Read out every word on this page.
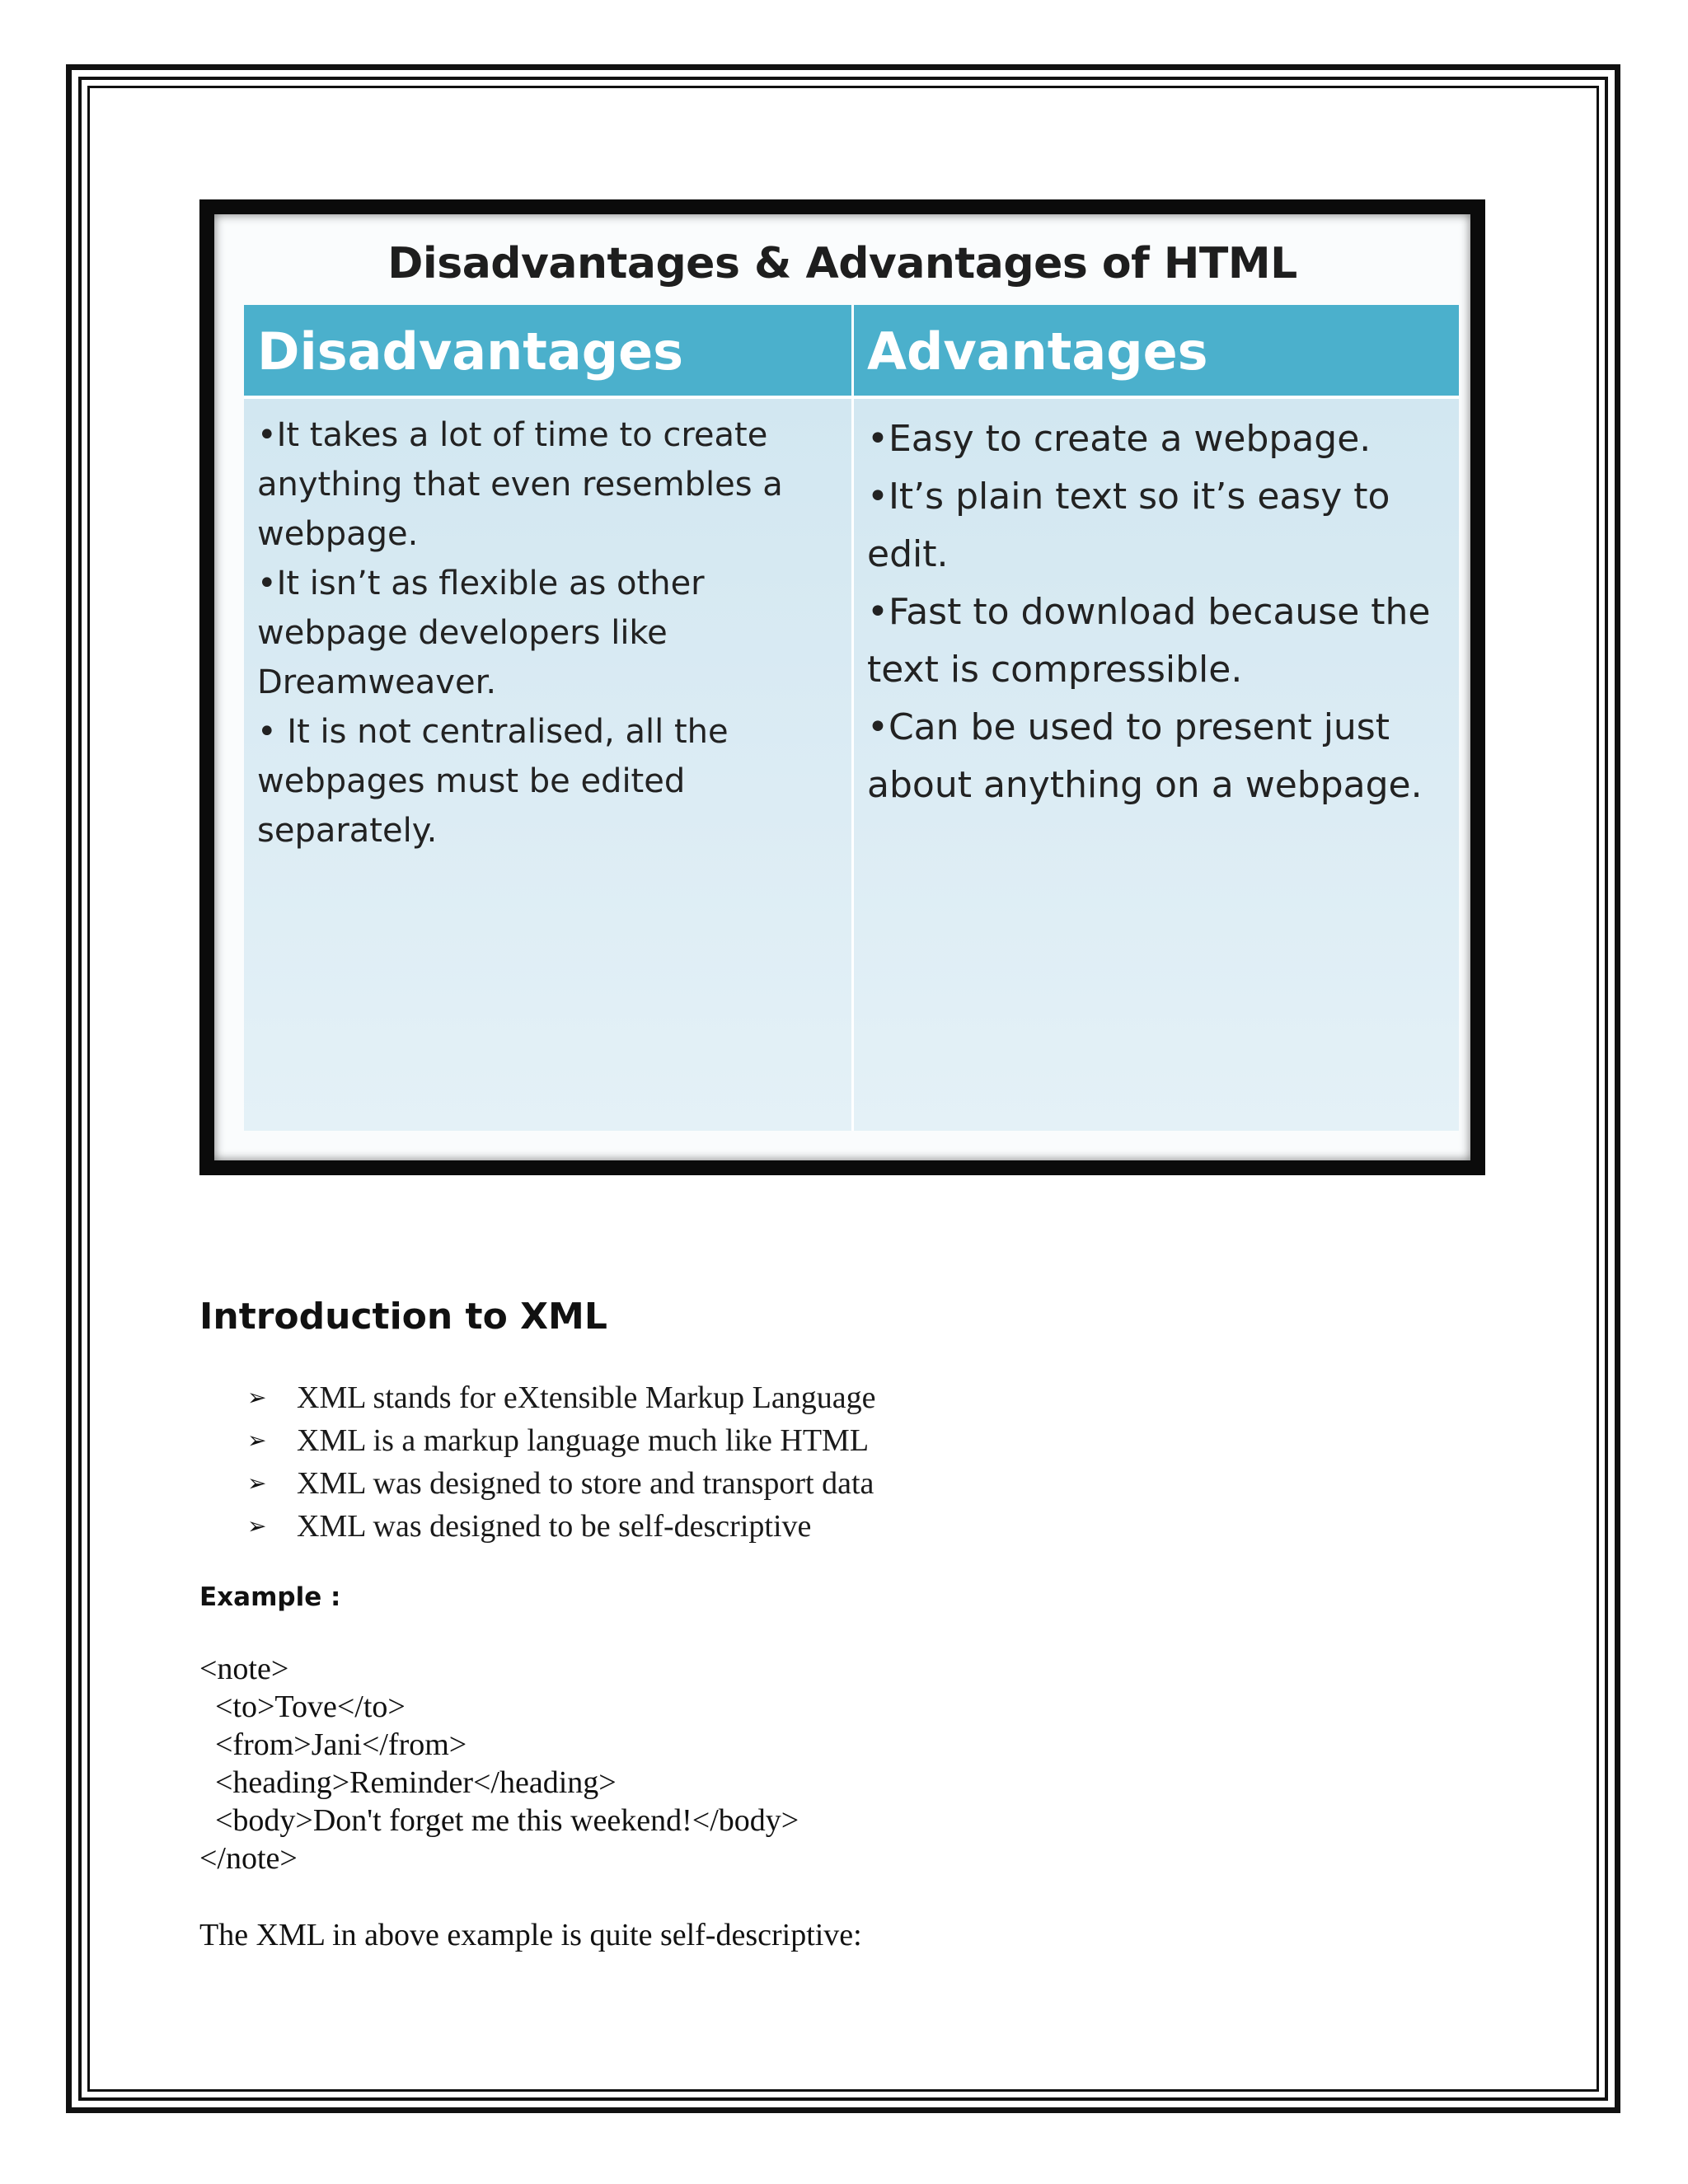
Disadvantages & Advantages of HTML
Disadvantages	Advantages

•It takes a lot of time to create anything that even resembles a webpage.

•It isn’t as flexible as other webpage developers like Dreamweaver.

• It is not centralised, all the webpages must be edited separately.

•Easy to create a webpage.

•It’s plain text so it’s easy to edit.

•Fast to download because the text is compressible.

•Can be used to present just about anything on a webpage.

Introduction to XML
➢ XML stands for eXtensible Markup Language
➢ XML is a markup language much like HTML
➢ XML was designed to store and transport data
➢ XML was designed to be self-descriptive
Example :
<note>
<to>Tove</to>
<from>Jani</from>
<heading>Reminder</heading>
<body>Don't forget me this weekend!</body>
</note>
The XML in above example is quite self-descriptive:
